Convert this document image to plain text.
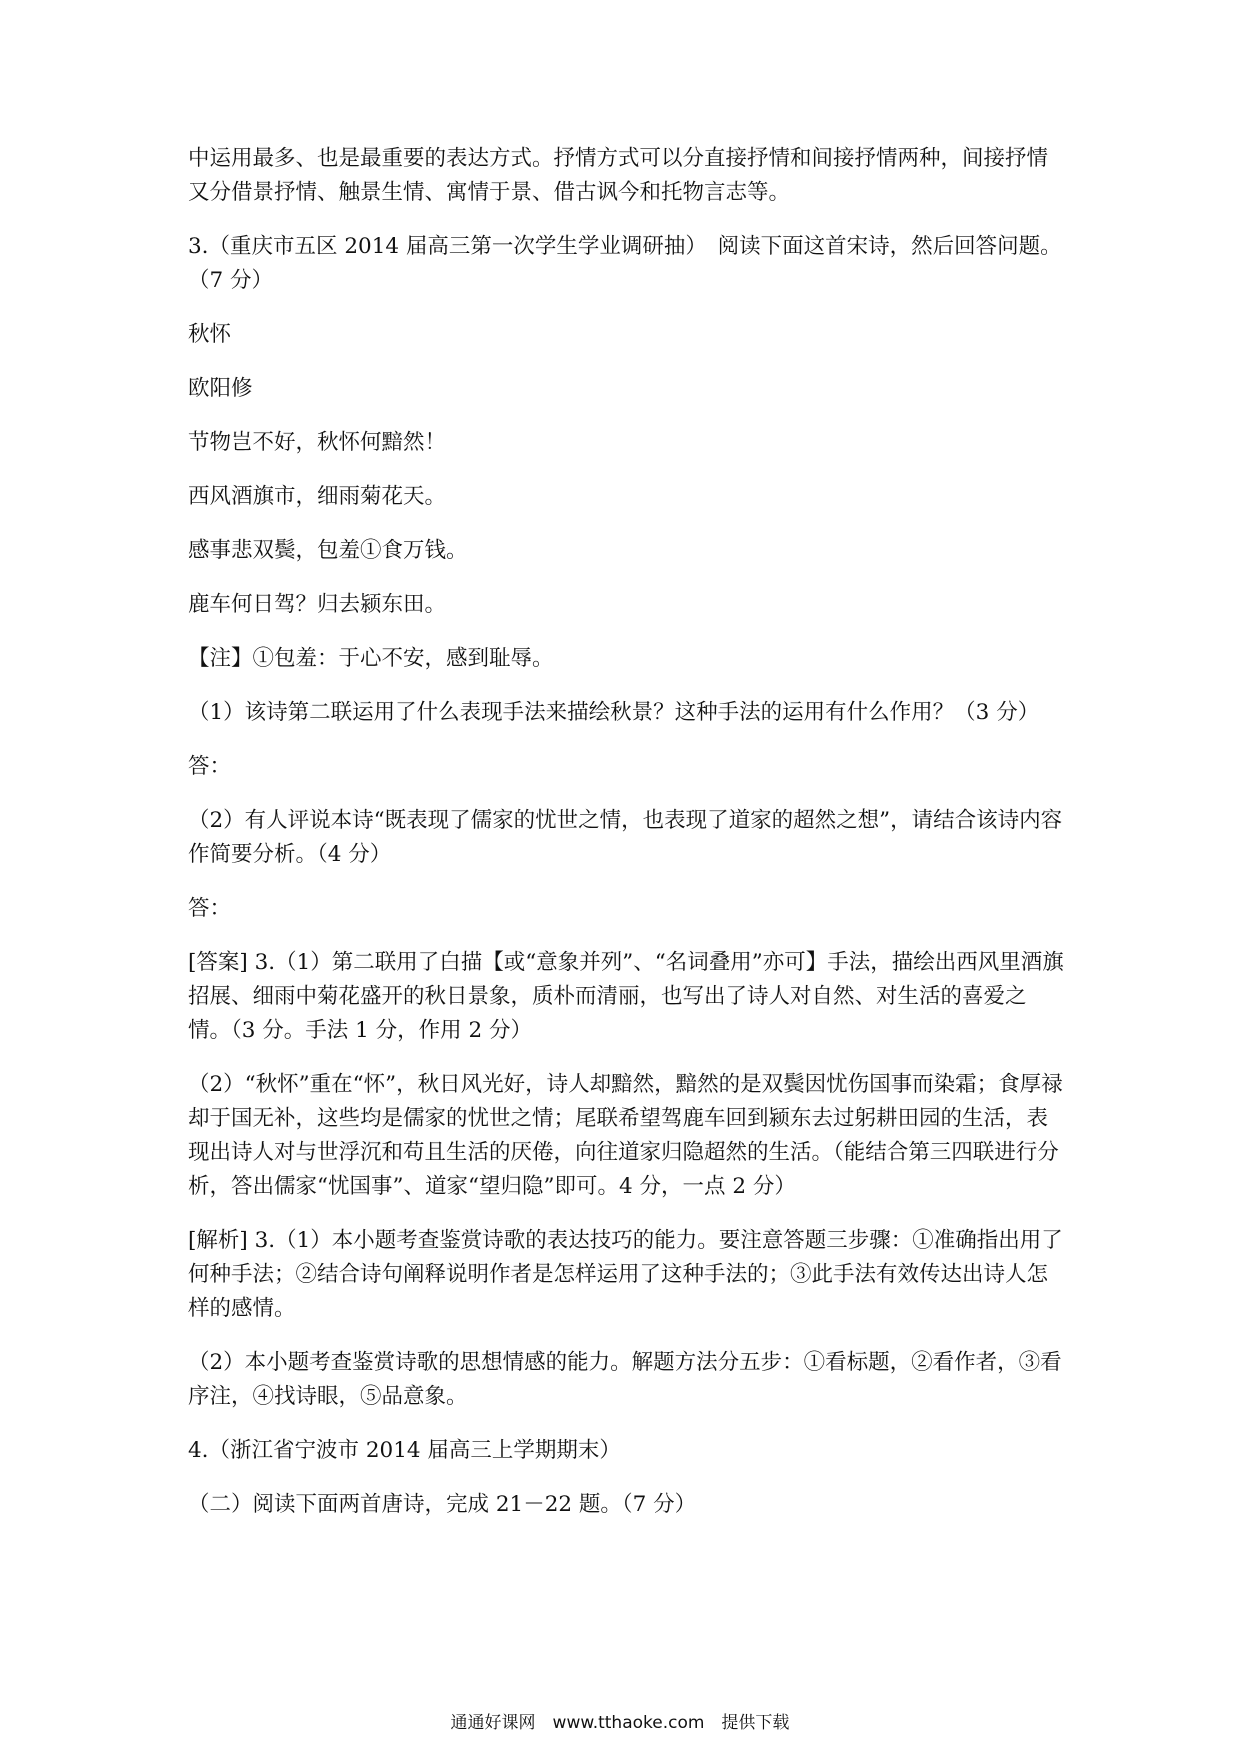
中运用最多、也是最重要的表达方式。抒情方式可以分直接抒情和间接抒情两种，间接抒情又分借景抒情、触景生情、寓情于景、借古讽今和托物言志等。

3.（重庆市五区 2014 届高三第一次学生学业调研抽）　阅读下面这首宋诗，然后回答问题。（7 分）

秋怀

欧阳修

节物岂不好，秋怀何黯然！

西风酒旗市，细雨菊花天。

感事悲双鬓，包羞①食万钱。

鹿车何日驾？归去颍东田。

【注】①包羞：于心不安，感到耻辱。

（1）该诗第二联运用了什么表现手法来描绘秋景？这种手法的运用有什么作用？（3 分）

答：

（2）有人评说本诗“既表现了儒家的忧世之情，也表现了道家的超然之想”，请结合该诗内容作简要分析。（4 分）

答：

[答案] 3.（1）第二联用了白描【或“意象并列”、“名词叠用”亦可】手法，描绘出西风里酒旗招展、细雨中菊花盛开的秋日景象，质朴而清丽，也写出了诗人对自然、对生活的喜爱之情。（3 分。手法 1 分，作用 2 分）

（2）“秋怀”重在“怀”，秋日风光好，诗人却黯然，黯然的是双鬓因忧伤国事而染霜；食厚禄却于国无补，这些均是儒家的忧世之情；尾联希望驾鹿车回到颍东去过躬耕田园的生活，表现出诗人对与世浮沉和苟且生活的厌倦，向往道家归隐超然的生活。（能结合第三四联进行分析，答出儒家“忧国事”、道家“望归隐”即可。4 分，一点 2 分）

[解析] 3.（1）本小题考查鉴赏诗歌的表达技巧的能力。要注意答题三步骤：①准确指出用了何种手法；②结合诗句阐释说明作者是怎样运用了这种手法的；③此手法有效传达出诗人怎样的感情。

（2）本小题考查鉴赏诗歌的思想情感的能力。解题方法分五步：①看标题，②看作者，③看序注，④找诗眼，⑤品意象。

4.（浙江省宁波市 2014 届高三上学期期末）

（二）阅读下面两首唐诗，完成 21－22 题。（7 分）

通通好课网　www.tthaoke.com　提供下载
